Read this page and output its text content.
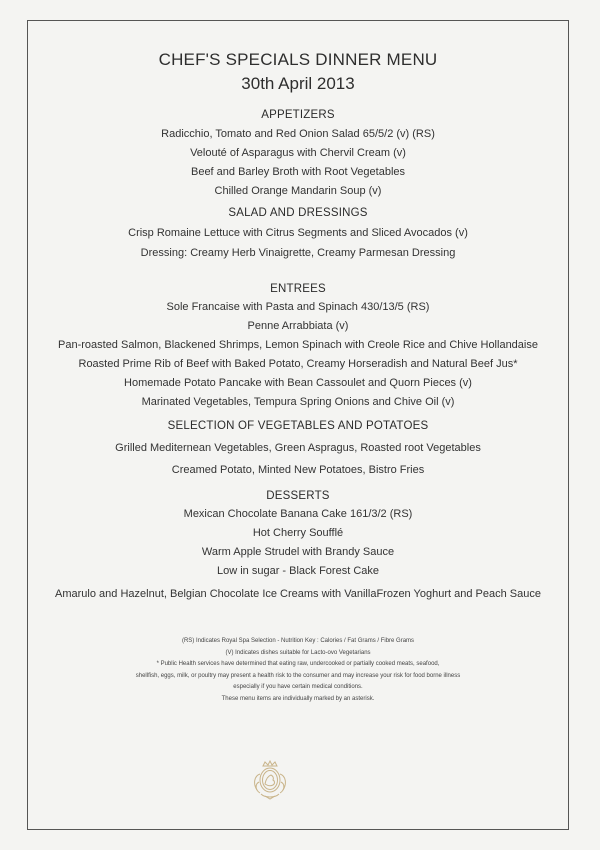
CHEF'S SPECIALS DINNER MENU
30th April 2013
APPETIZERS
Radicchio, Tomato and Red Onion Salad 65/5/2 (v) (RS)
Velouté of Asparagus with Chervil Cream (v)
Beef and Barley Broth with Root Vegetables
Chilled Orange Mandarin Soup (v)
SALAD AND DRESSINGS
Crisp Romaine Lettuce with Citrus Segments and Sliced Avocados (v)
Dressing: Creamy Herb Vinaigrette, Creamy Parmesan Dressing
ENTREES
Sole Francaise with Pasta and Spinach 430/13/5 (RS)
Penne Arrabbiata (v)
Pan-roasted Salmon, Blackened Shrimps, Lemon Spinach with Creole Rice and Chive Hollandaise
Roasted Prime Rib of Beef with Baked Potato, Creamy Horseradish and Natural Beef Jus*
Homemade Potato Pancake with Bean Cassoulet and Quorn Pieces (v)
Marinated Vegetables, Tempura Spring Onions and Chive Oil (v)
SELECTION OF VEGETABLES AND POTATOES
Grilled Mediternean Vegetables, Green Aspragus, Roasted root Vegetables
Creamed Potato, Minted New Potatoes, Bistro Fries
DESSERTS
Mexican Chocolate Banana Cake 161/3/2 (RS)
Hot Cherry Soufflé
Warm Apple Strudel with Brandy Sauce
Low in sugar - Black Forest Cake
Amarulo and Hazelnut, Belgian Chocolate Ice Creams with VanillaFrozen Yoghurt and Peach Sauce
(RS) Indicates Royal Spa Selection - Nutrition Key : Calories / Fat Grams / Fibre Grams
(V) Indicates dishes suitable for Lacto-ovo Vegetarians
* Public Health services have determined that eating raw, undercooked or partially cooked meats, seafood,
shellfish, eggs, milk, or poultry may present a health risk to the consumer and may increase your risk for food borne illness
especially if you have certain medical conditions.
These menu items are individually marked by an asterisk.
